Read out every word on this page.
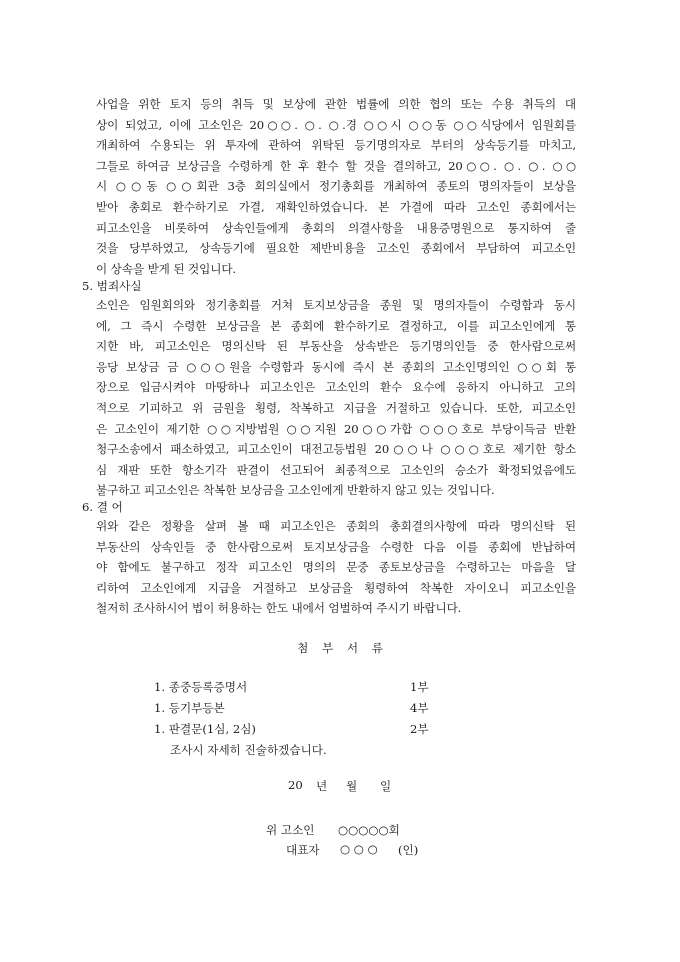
사업을 위한 토지 등의 취득 및 보상에 관한 법률에 의한 협의 또는 수용 취득의 대
상이 되었고, 이에 고소인은 20○○. ○. ○.경 ○○시 ○○동 ○○식당에서 임원회를
개최하여 수용되는 위 투자에 관하여 위탁된 등기명의자로 부터의 상속등기를 마치고,
그들로 하여금 보상금을 수령하게 한 후 환수 할 것을 결의하고, 20○○. ○. ○. ○○
시 ○○동 ○○회관 3층 회의실에서 정기총회를 개최하여 종토의 명의자들이 보상을
받아 총회로 환수하기로 가결, 재확인하였습니다. 본 가결에 따라 고소인 종회에서는
피고소인을 비롯하여 상속인들에게 총회의 의결사항을 내용증명원으로 통지하여 줄
것을 당부하였고, 상속등기에 필요한 제반비용을 고소인 종회에서 부담하여 피고소인
이 상속을 받게 된 것입니다.
5. 범죄사실
소인은 임원회의와 정기총회를 거쳐 토지보상금을 종원 및 명의자들이 수령함과 동시
에, 그 즉시 수령한 보상금을 본 종회에 환수하기로 결정하고, 이를 피고소인에게 통
지한 바, 피고소인은 명의신탁 된 부동산을 상속받은 등기명의인들 중 한사람으로써
응당 보상금 금 ○○○원을 수령함과 동시에 즉시 본 종회의 고소인명의인 ○○회 통
장으로 입금시켜야 마땅하나 피고소인은 고소인의 환수 요수에 응하지 아니하고 고의
적으로 기피하고 위 금원을 횡령, 착복하고 지급을 거절하고 있습니다. 또한, 피고소인
은 고소인이 제기한 ○○지방법원 ○○지원 20○○가합 ○○○호로 부당이득금 반환
청구소송에서 패소하였고, 피고소인이 대전고등법원 20○○나 ○○○호로 제기한 항소
심 재판 또한 항소기각 판결이 선고되어 최종적으로 고소인의 승소가 확정되었음에도
불구하고 피고소인은 착복한 보상금을 고소인에게 반환하지 않고 있는 것입니다.
6. 결 어
위와 같은 정황을 살펴 볼 때 피고소인은 종회의 총회결의사항에 따라 명의신탁 된
부동산의 상속인들 중 한사람으로써 토지보상금을 수령한 다음 이를 종회에 반납하여
야 함에도 불구하고 정작 피고소인 명의의 문중 종토보상금을 수령하고는 마음을 달
리하여 고소인에게 지급을 거절하고 보상금을 횡령하여 착복한 자이오니 피고소인을
철저히 조사하시어 법이 허용하는 한도 내에서 엄벌하여 주시기 바랍니다.
첨 부 서 류
1. 종중등록증명서	1부
1. 등기부등본	4부
1. 판결문(1심, 2심)	2부
조사시 자세히 진술하겠습니다.
20 년 월 일
위 고소인 ○○○○○회
대표자 ○ ○ ○ (인)
